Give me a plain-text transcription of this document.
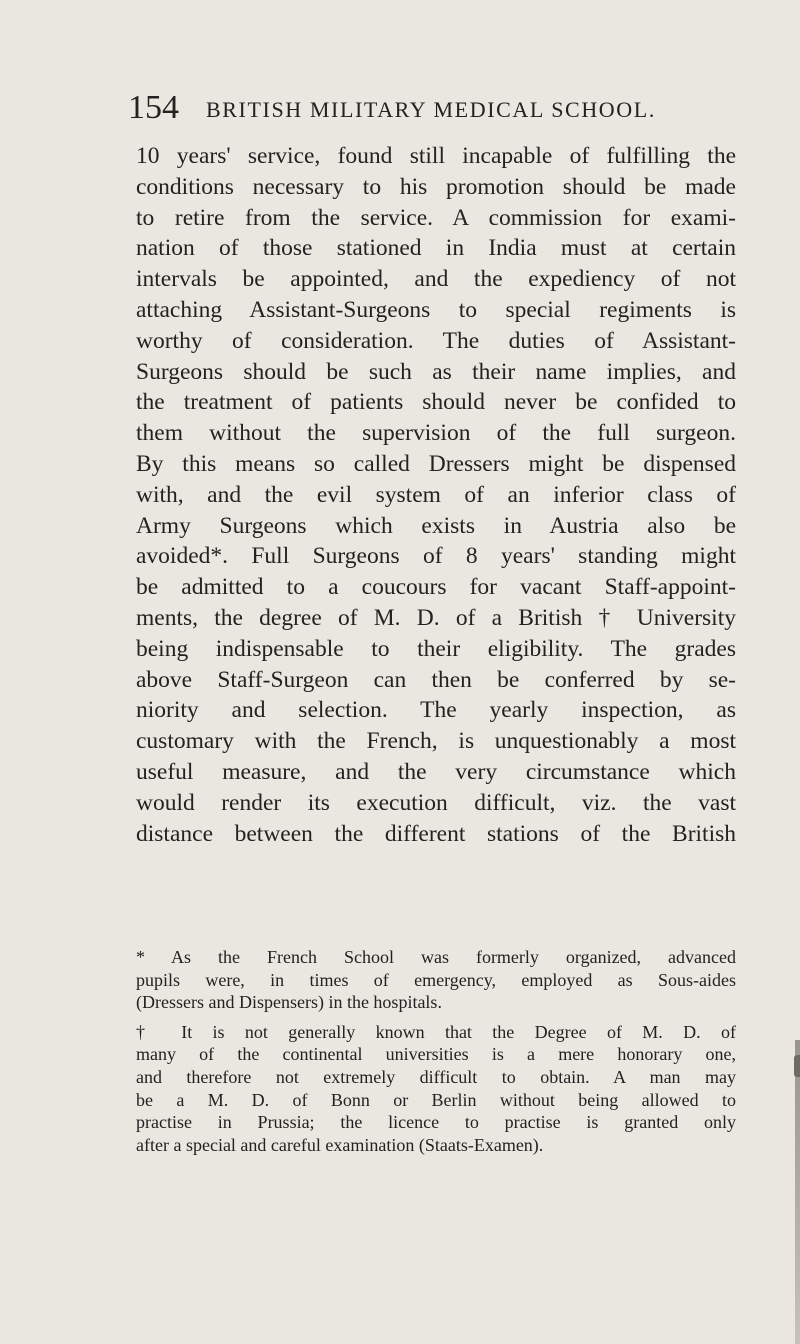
154 BRITISH MILITARY MEDICAL SCHOOL.
10 years' service, found still incapable of fulfilling the
conditions necessary to his promotion should be made
to retire from the service. A commission for exami-
nation of those stationed in India must at certain
intervals be appointed, and the expediency of not
attaching Assistant-Surgeons to special regiments is
worthy of consideration. The duties of Assistant-
Surgeons should be such as their name implies, and
the treatment of patients should never be confided to
them without the supervision of the full surgeon.
By this means so called Dressers might be dispensed
with, and the evil system of an inferior class of
Army Surgeons which exists in Austria also be
avoided*. Full Surgeons of 8 years' standing might
be admitted to a coucours for vacant Staff-appoint-
ments, the degree of M. D. of a British † University
being indispensable to their eligibility. The grades
above Staff-Surgeon can then be conferred by se-
niority and selection. The yearly inspection, as
customary with the French, is unquestionably a most
useful measure, and the very circumstance which
would render its execution difficult, viz. the vast
distance between the different stations of the British
* As the French School was formerly organized, advanced
pupils were, in times of emergency, employed as Sous-aides
(Dressers and Dispensers) in the hospitals.
† It is not generally known that the Degree of M. D. of
many of the continental universities is a mere honorary one,
and therefore not extremely difficult to obtain. A man may
be a M. D. of Bonn or Berlin without being allowed to
practise in Prussia; the licence to practise is granted only
after a special and careful examination (Staats-Examen).
